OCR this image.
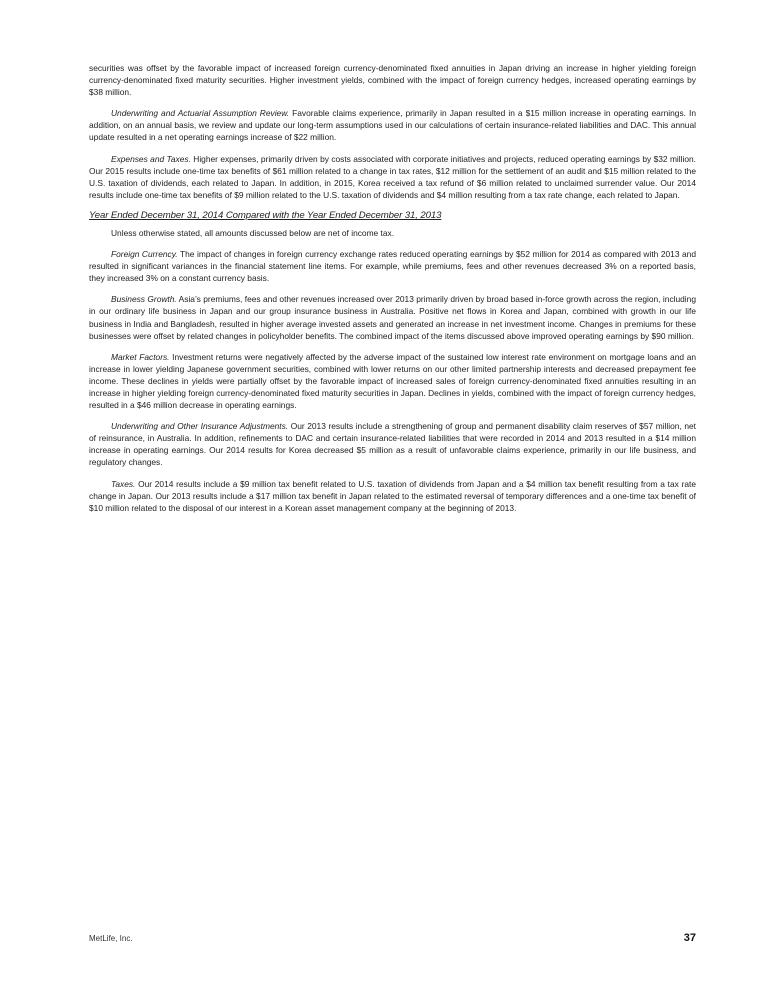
securities was offset by the favorable impact of increased foreign currency-denominated fixed annuities in Japan driving an increase in higher yielding foreign currency-denominated fixed maturity securities. Higher investment yields, combined with the impact of foreign currency hedges, increased operating earnings by $38 million.

Underwriting and Actuarial Assumption Review. Favorable claims experience, primarily in Japan resulted in a $15 million increase in operating earnings. In addition, on an annual basis, we review and update our long-term assumptions used in our calculations of certain insurance-related liabilities and DAC. This annual update resulted in a net operating earnings increase of $22 million.

Expenses and Taxes. Higher expenses, primarily driven by costs associated with corporate initiatives and projects, reduced operating earnings by $32 million. Our 2015 results include one-time tax benefits of $61 million related to a change in tax rates, $12 million for the settlement of an audit and $15 million related to the U.S. taxation of dividends, each related to Japan. In addition, in 2015, Korea received a tax refund of $6 million related to unclaimed surrender value. Our 2014 results include one-time tax benefits of $9 million related to the U.S. taxation of dividends and $4 million resulting from a tax rate change, each related to Japan.

Year Ended December 31, 2014 Compared with the Year Ended December 31, 2013

Unless otherwise stated, all amounts discussed below are net of income tax.

Foreign Currency. The impact of changes in foreign currency exchange rates reduced operating earnings by $52 million for 2014 as compared with 2013 and resulted in significant variances in the financial statement line items. For example, while premiums, fees and other revenues decreased 3% on a reported basis, they increased 3% on a constant currency basis.

Business Growth. Asia’s premiums, fees and other revenues increased over 2013 primarily driven by broad based in-force growth across the region, including in our ordinary life business in Japan and our group insurance business in Australia. Positive net flows in Korea and Japan, combined with growth in our life business in India and Bangladesh, resulted in higher average invested assets and generated an increase in net investment income. Changes in premiums for these businesses were offset by related changes in policyholder benefits. The combined impact of the items discussed above improved operating earnings by $90 million.

Market Factors. Investment returns were negatively affected by the adverse impact of the sustained low interest rate environment on mortgage loans and an increase in lower yielding Japanese government securities, combined with lower returns on our other limited partnership interests and decreased prepayment fee income. These declines in yields were partially offset by the favorable impact of increased sales of foreign currency-denominated fixed annuities resulting in an increase in higher yielding foreign currency-denominated fixed maturity securities in Japan. Declines in yields, combined with the impact of foreign currency hedges, resulted in a $46 million decrease in operating earnings.

Underwriting and Other Insurance Adjustments. Our 2013 results include a strengthening of group and permanent disability claim reserves of $57 million, net of reinsurance, in Australia. In addition, refinements to DAC and certain insurance-related liabilities that were recorded in 2014 and 2013 resulted in a $14 million increase in operating earnings. Our 2014 results for Korea decreased $5 million as a result of unfavorable claims experience, primarily in our life business, and regulatory changes.

Taxes. Our 2014 results include a $9 million tax benefit related to U.S. taxation of dividends from Japan and a $4 million tax benefit resulting from a tax rate change in Japan. Our 2013 results include a $17 million tax benefit in Japan related to the estimated reversal of temporary differences and a one-time tax benefit of $10 million related to the disposal of our interest in a Korean asset management company at the beginning of 2013.

MetLife, Inc.	37
